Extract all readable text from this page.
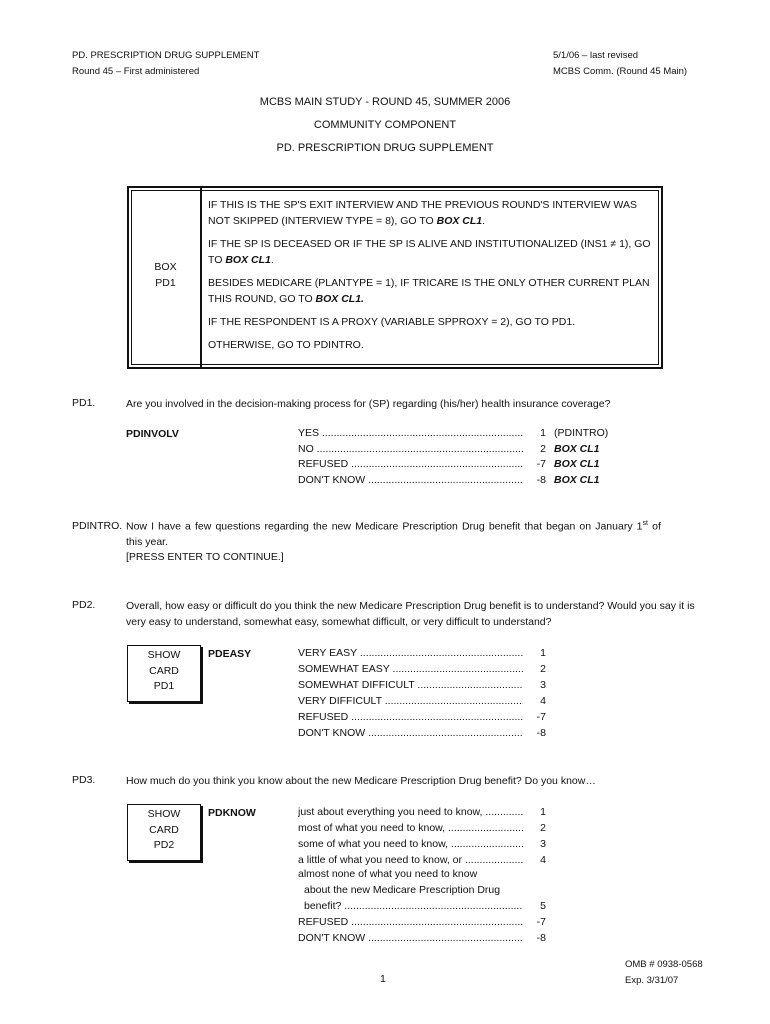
PD. PRESCRIPTION DRUG SUPPLEMENT
Round 45 – First administered
5/1/06 – last revised
MCBS Comm. (Round 45 Main)
MCBS MAIN STUDY - ROUND 45, SUMMER 2006
COMMUNITY COMPONENT
PD. PRESCRIPTION DRUG SUPPLEMENT
BOX
PD1
IF THIS IS THE SP'S EXIT INTERVIEW AND THE PREVIOUS ROUND'S INTERVIEW WAS NOT SKIPPED (INTERVIEW TYPE = 8), GO TO BOX CL1.
IF THE SP IS DECEASED OR IF THE SP IS ALIVE AND INSTITUTIONALIZED (INS1 ≠ 1), GO TO BOX CL1.
BESIDES MEDICARE (PLANTYPE = 1), IF TRICARE IS THE ONLY OTHER CURRENT PLAN THIS ROUND, GO TO BOX CL1.
IF THE RESPONDENT IS A PROXY (VARIABLE SPPROXY = 2), GO TO PD1.
OTHERWISE, GO TO PDINTRO.
PD1.	Are you involved in the decision-making process for (SP) regarding (his/her) health insurance coverage?
PDINVOLV	YES .....	1 (PDINTRO)
NO .....	2 BOX CL1
REFUSED .....	-7 BOX CL1
DON'T KNOW .....	-8 BOX CL1
PDINTRO. Now I have a few questions regarding the new Medicare Prescription Drug benefit that began on January 1st of
this year.
[PRESS ENTER TO CONTINUE.]
PD2.	Overall, how easy or difficult do you think the new Medicare Prescription Drug benefit is to understand? Would you say it is very easy to understand, somewhat easy, somewhat difficult, or very difficult to understand?
SHOW
CARD
PD1
PDEASY	VERY EASY .....	1
SOMEWHAT EASY .....	2
SOMEWHAT DIFFICULT .....	3
VERY DIFFICULT .....	4
REFUSED .....	-7
DON'T KNOW .....	-8
PD3.	How much do you think you know about the new Medicare Prescription Drug benefit? Do you know…
SHOW
CARD
PD2
PDKNOW	just about everything you need to know, .....	1
most of what you need to know, .....	2
some of what you need to know, .....	3
a little of what you need to know, or .....	4
almost none of what you need to know
about the new Medicare Prescription Drug
benefit? .....	5
REFUSED .....	-7
DON'T KNOW .....	-8
1
OMB # 0938-0568
Exp. 3/31/07
